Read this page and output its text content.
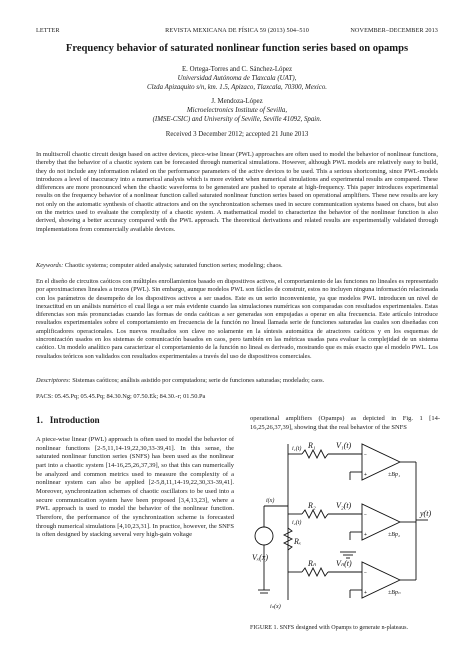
LETTER	REVISTA MEXICANA DE FÍSICA 59 (2013) 504–510	NOVEMBER–DECEMBER 2013
Frequency behavior of saturated nonlinear function series based on opamps
E. Ortega-Torres and C. Sánchez-López
Universidad Autónoma de Tlaxcala (UAT),
Clzda Apizaquito s/n, km. 1.5, Apizaco, Tlaxcala, 70300, Mexico.
J. Mendoza-López
Microelectronics Institute of Sevilla,
(IMSE-CSIC) and University of Seville, Seville 41092, Spain.
Received 3 December 2012; accepted 21 June 2013

In multiscroll chaotic circuit design based on active devices, piece-wise linear (PWL) approaches are often used to model the behavior of nonlinear functions, thereby that the behavior of a chaotic system can be forecasted through numerical simulations. However, although PWL models are relatively easy to build, they do not include any information related on the performance parameters of the active devices to be used. This a serious shortcoming, since PWL-models introduces a level of inaccuracy into a numerical analysis which is more evident when numerical simulations and experimental results are compared. These differences are more pronounced when the chaotic waveforms to be generated are pushed to operate at high-frequency. This paper introduces experimental results on the frequency behavior of a nonlinear function called saturated nonlinear function series based on operational amplifiers. These new results are key not only on the automatic synthesis of chaotic attractors and on the synchronization schemes used in secure communication systems based on chaos, but also on the metrics used to evaluate the complexity of a chaotic system. A mathematical model to characterize the behavior of the nonlinear function is also derived, showing a better accuracy compared with the PWL approach. The theoretical derivations and related results are experimentally validated through implementations from commercially available devices.

Keywords: Chaotic systems; computer aided analysis; saturated function series; modeling; chaos.

En el diseño de circuitos caóticos con múltiples enrollamientos basado en dispositivos activos, el comportamiento de las funciones no lineales es representado por aproximaciones lineales a trozos (PWL). Sin embargo, aunque modelos PWL son fáciles de construir, estos no incluyen ninguna información relacionada con los parámetros de desempeño de los dispositivos activos a ser usados. Este es un serio inconveniente, ya que modelos PWL introducen un nivel de inexactitud en un análisis numérico el cual llega a ser más evidente cuando las simulaciones numéricas son comparadas con resultados experimentales. Estas diferencias son más pronunciadas cuando las formas de onda caóticas a ser generadas son empujadas a operar en alta frecuencia. Este artículo introduce resultados experimentales sobre el comportamiento en frecuencia de la función no lineal llamada serie de funciones saturadas las cuales son diseñadas con amplificadores operacionales. Los nuevos resultados son clave no solamente en la síntesis automática de atractores caóticos y en los esquemas de sincronización usados en los sistemas de comunicación basados en caos, pero también en las métricas usadas para evaluar la complejidad de un sistema caótico. Un modelo analítico para caracterizar el comportamiento de la función no lineal es derivado, mostrando que es más exacto que el modelo PWL. Los resultados teóricos son validados con resultados experimentales a través del uso de dispositivos comerciales.

Descriptores: Sistemas caóticos; análisis asistido por computadora; serie de funciones saturadas; modelado; caos.
PACS: 05.45.Pq; 05.45.Pq; 84.30.Ng; 07.50.Ek; 84.30.-r; 01.50.Pa
1. Introduction

A piece-wise linear (PWL) approach is often used to model the behavior of nonlinear functions [2-5,11,14-19,22,30,33-39,41]. In this sense, the saturated nonlinear function series (SNFS) has been used as the nonlinear part into a chaotic system [14-16,25,26,37,39], so that this can numerically be analyzed and common metrics used to measure the complexity of a nonlinear system can also be applied [2-5,8,11,14-19,22,30,33-39,41]. Moreover, synchronization schemes of chaotic oscillators to be used into a secure communication system have been proposed [3,4,13,23], where a PWL approach is used to model the behavior of the nonlinear function. Therefore, the performance of the synchronization scheme is forecasted through numerical simulations [4,10,23,31]. In practice, however, the SNFS is often designed by stacking several very high-gain voltage

operational amplifiers (Opamps) as depicted in Fig. 1 [14-16,25,26,37,39], showing that the real behavior of the SNFS

−
+
−
+
−
+
i₁(t) R₁	V₁(t)
±Bp₁
i(x)	R₂	V₂(t)
i₂(t)
±Bp₂
Vₓ(x)
Rₓ
Rₙ Vₙ(t)
±Bpₙ
iₙ(x)
y(t)
FIGURE 1. SNFS designed with Opamps to generate n-plateaus.
